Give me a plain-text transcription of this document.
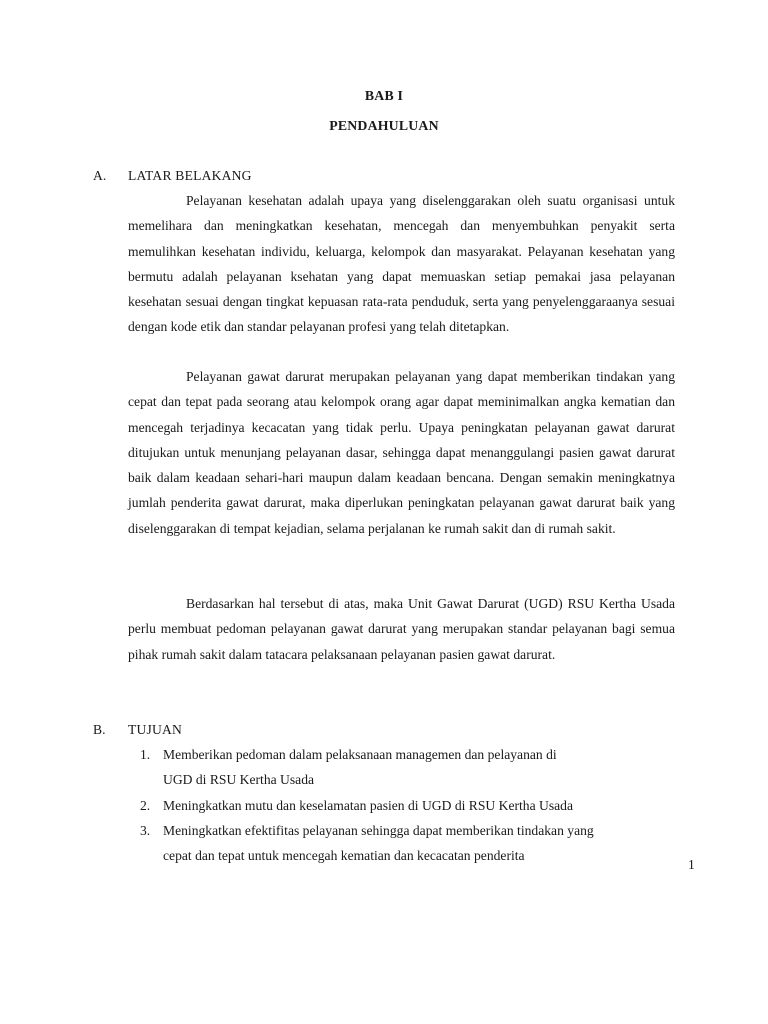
BAB I
PENDAHULUAN
A. LATAR BELAKANG

Pelayanan kesehatan adalah upaya yang diselenggarakan oleh suatu organisasi untuk memelihara dan meningkatkan kesehatan, mencegah dan menyembuhkan penyakit serta memulihkan kesehatan individu, keluarga, kelompok dan masyarakat. Pelayanan kesehatan yang bermutu adalah pelayanan ksehatan yang dapat memuaskan setiap pemakai jasa pelayanan kesehatan sesuai dengan tingkat kepuasan rata-rata penduduk, serta yang penyelenggaraanya sesuai dengan kode etik dan standar pelayanan profesi yang telah ditetapkan.

Pelayanan gawat darurat merupakan pelayanan yang dapat memberikan tindakan yang cepat dan tepat pada seorang atau kelompok orang agar dapat meminimalkan angka kematian dan mencegah terjadinya kecacatan yang tidak perlu. Upaya peningkatan pelayanan gawat darurat ditujukan untuk menunjang pelayanan dasar, sehingga dapat menanggulangi pasien gawat darurat baik dalam keadaan sehari-hari maupun dalam keadaan bencana. Dengan semakin meningkatnya jumlah penderita gawat darurat, maka diperlukan peningkatan pelayanan gawat darurat baik yang diselenggarakan di tempat kejadian, selama perjalanan ke rumah sakit dan di rumah sakit.

Berdasarkan hal tersebut di atas, maka Unit Gawat Darurat (UGD) RSU Kertha Usada perlu membuat pedoman pelayanan gawat darurat yang merupakan standar pelayanan bagi semua pihak rumah sakit dalam tatacara pelaksanaan pelayanan pasien gawat darurat.

B. TUJUAN
1. Memberikan pedoman dalam pelaksanaan managemen dan pelayanan di
UGD di RSU Kertha Usada
2. Meningkatkan mutu dan keselamatan pasien di UGD di RSU Kertha Usada
3. Meningkatkan efektifitas pelayanan sehingga dapat memberikan tindakan yang
cepat dan tepat untuk mencegah kematian dan kecacatan penderita
1
